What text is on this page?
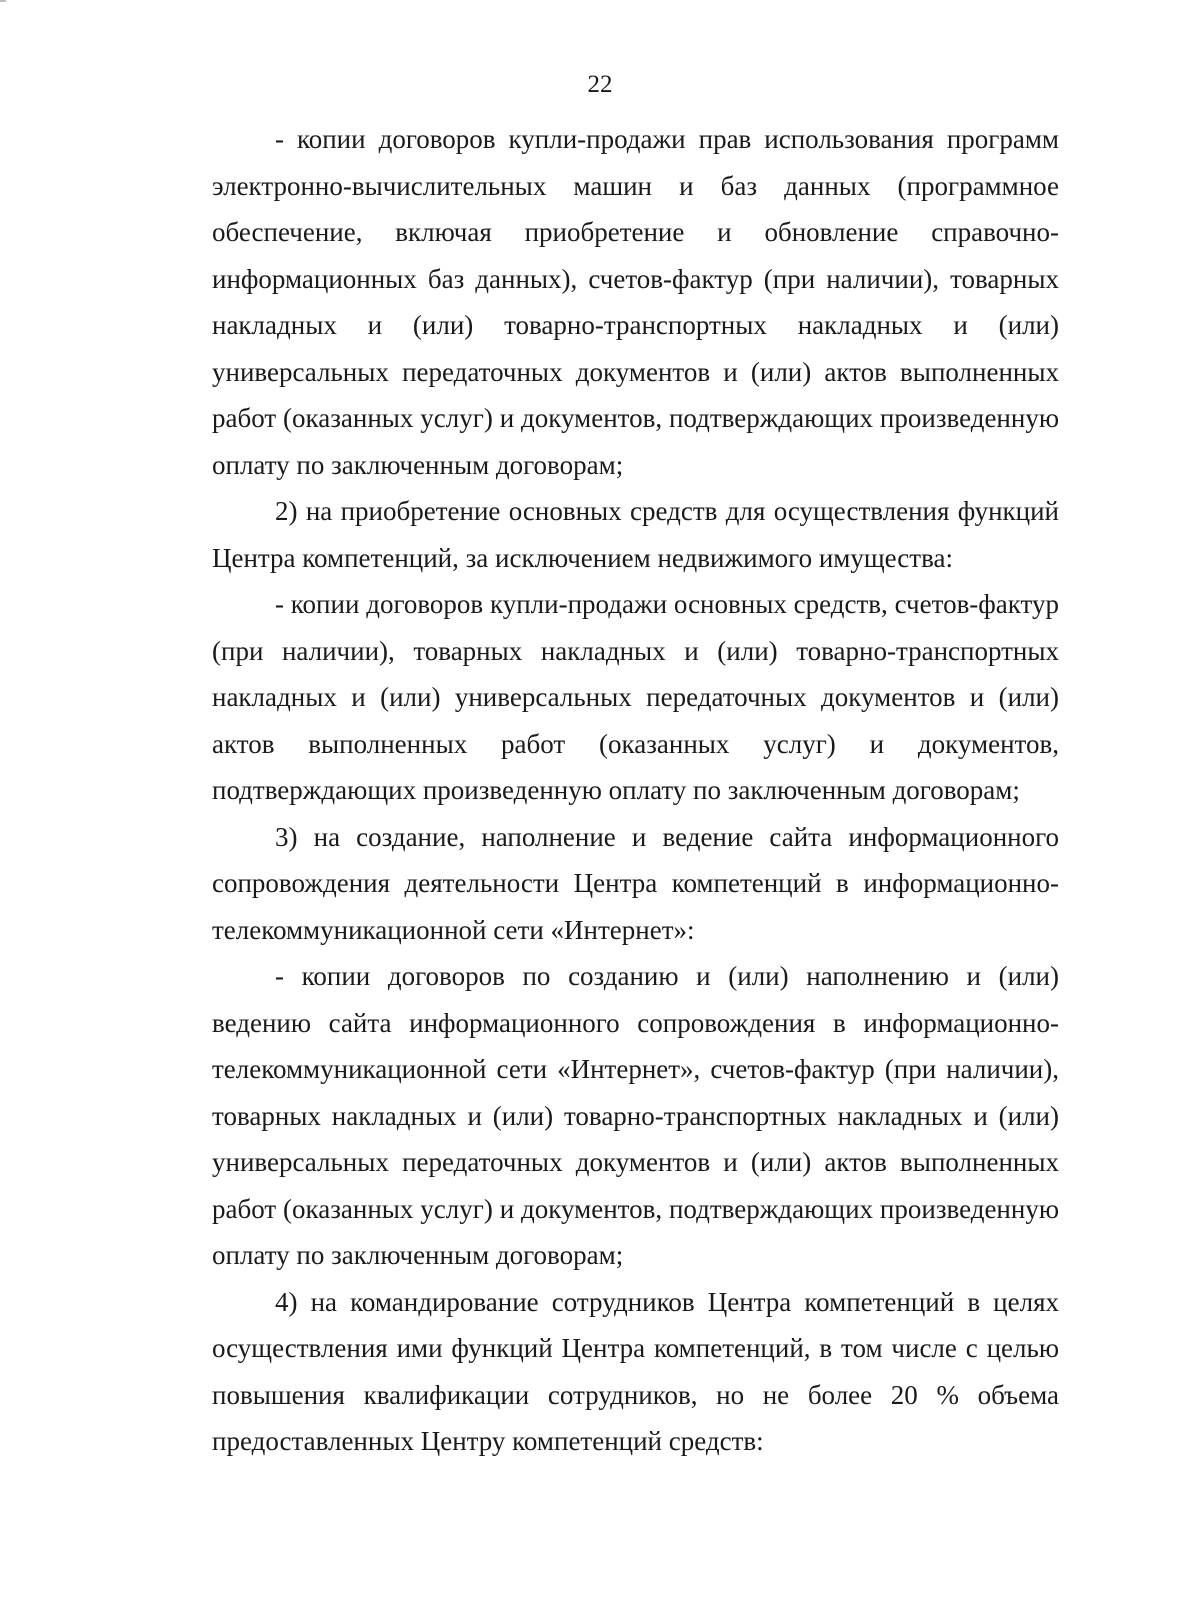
22

- копии договоров купли-продажи прав использования программ электронно-вычислительных машин и баз данных (программное обеспечение, включая приобретение и обновление справочно-информационных баз данных), счетов-фактур (при наличии), товарных накладных и (или) товарно-транспортных накладных и (или) универсальных передаточных документов и (или) актов выполненных работ (оказанных услуг) и документов, подтверждающих произведенную оплату по заключенным договорам;

2) на приобретение основных средств для осуществления функций Центра компетенций, за исключением недвижимого имущества:

- копии договоров купли-продажи основных средств, счетов-фактур (при наличии), товарных накладных и (или) товарно-транспортных накладных и (или) универсальных передаточных документов и (или) актов выполненных работ (оказанных услуг) и документов, подтверждающих произведенную оплату по заключенным договорам;

3) на создание, наполнение и ведение сайта информационного сопровождения деятельности Центра компетенций в информационно-телекоммуникационной сети «Интернет»:

- копии договоров по созданию и (или) наполнению и (или) ведению сайта информационного сопровождения в информационно-телекоммуникационной сети «Интернет», счетов-фактур (при наличии), товарных накладных и (или) товарно-транспортных накладных и (или) универсальных передаточных документов и (или) актов выполненных работ (оказанных услуг) и документов, подтверждающих произведенную оплату по заключенным договорам;

4) на командирование сотрудников Центра компетенций в целях осуществления ими функций Центра компетенций, в том числе с целью повышения квалификации сотрудников, но не более 20 % объема предоставленных Центру компетенций средств:
